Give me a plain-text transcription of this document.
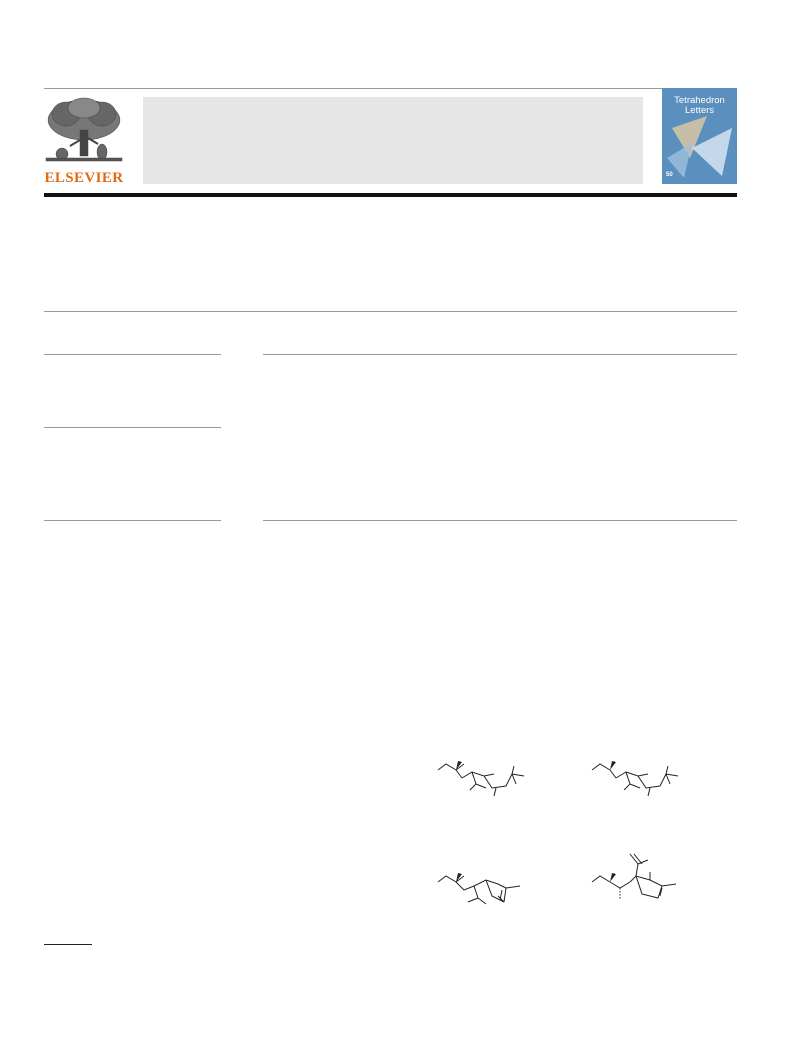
ELSEVIER
Tetrahedron
Letters
50
